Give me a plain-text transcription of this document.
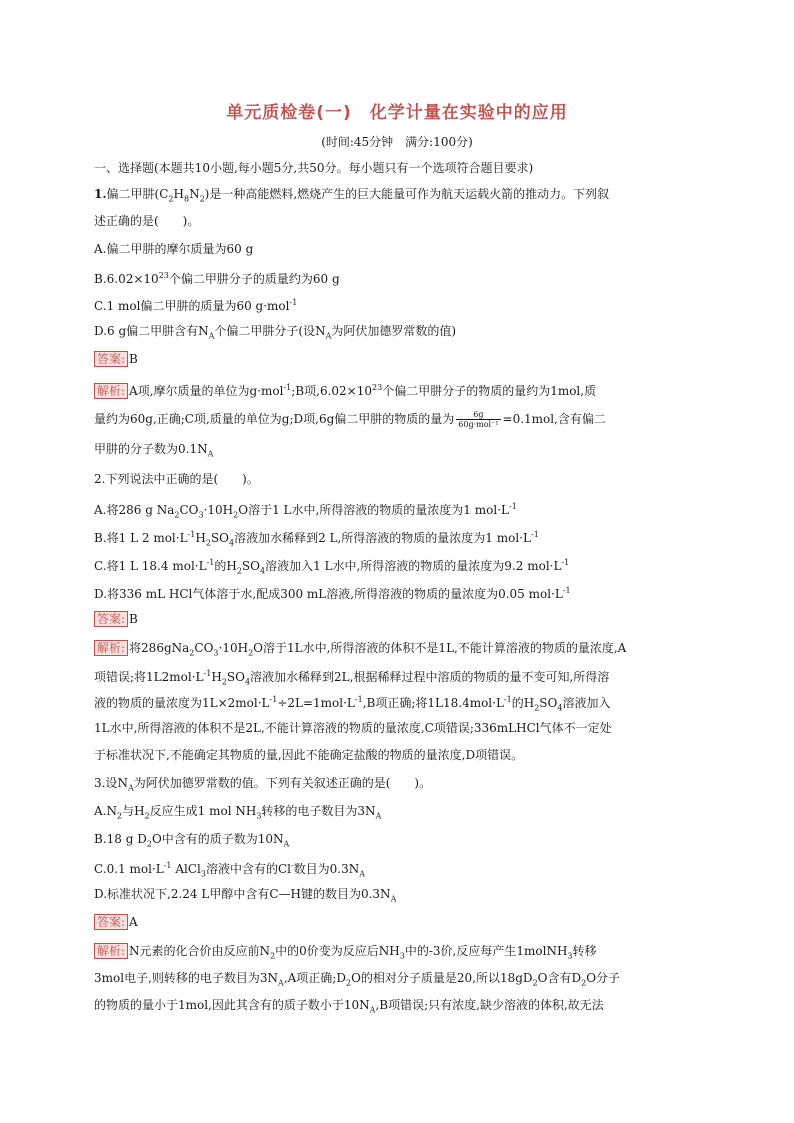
单元质检卷(一)　化学计量在实验中的应用
(时间:45分钟　满分:100分)
一、选择题(本题共10小题,每小题5分,共50分。每小题只有一个选项符合题目要求)
1.偏二甲肼$(C_2H_8N_2)$是一种高能燃料,燃烧产生的巨大能量可作为航天运载火箭的推动力。下列叙
述正确的是(　　)。
A.偏二甲肼的摩尔质量为60 g
$B.6.02\times 10^{23}$个偏二甲肼分子的质量约为60 g
C.1 mol偏二甲肼的质量为60 g·mol$^{-1}$
D.6 g偏二甲肼含有$N_A$个偏二甲肼分子(设$N_A$为阿伏加德罗常数的值)
答案: B
解析: A项,摩尔质量的单位为g·mol$^{-1}$;B项$,6.02\times 10^{23}$个偏二甲肼分子的物质的量约为1mol,质
量约为60g,正确;C项,质量的单位为g;D项,6g偏二甲肼的物质的量为 $\frac{6g}{\text{60g·mol⁻¹}} =0.1mol$,含有偏二
甲肼的分子数为$0.1N_A$
2.下列说法中正确的是(　　)。
A.将286 g $Na_2CO_3\cdot 10H_2O$溶于1 L水中,所得溶液的物质的量浓度为1 $mol\cdot L^{-1}$
B.将1 L 2 $mol\cdot L^{-1}H_2SO_4$溶液加水稀释到2 L,所得溶液的物质的量浓度为1 $mol\cdot L^{-1}$
C.将1 L 18.4 $mol\cdot L^{-1}$的$H_2SO_4$溶液加入1 L水中,所得溶液的物质的量浓度为9.2 $mol\cdot L^{-1}$
D.将336 mL HCl气体溶于水,配成300 mL溶液,所得溶液的物质的量浓度为0.05 $mol\cdot L^{-1}$
答案: B
解析: 将$286gNa_2CO_3\cdot 10H_2O$溶于1L水中,所得溶液的体积不是1L,不能计算溶液的物质的量浓度,A
项错误;将$1L2mol\cdot L^{-1}H_2SO_4$溶液加水稀释到2L,根据稀释过程中溶质的物质的量不变可知,所得溶
液的物质的量浓度为$1L\times 2mol\cdot L^{-1}\div 2L=1mol\cdot L^{-1},B$项正确;将$1L18.4mol\cdot L^{-1}$的$H_2SO_4$溶液加入
1L水中,所得溶液的体积不是2L,不能计算溶液的物质的量浓度,C项错误;336mLHCl气体不一定处
于标准状况下,不能确定其物质的量,因此不能确定盐酸的物质的量浓度,D项错误。
3.设$N_A$为阿伏加德罗常数的值。下列有关叙述正确的是(　　)。
$A.N_2$与$H_2$反应生成1 mol $NH_3$转移的电子数目为$3N_A$
B.18 g $D_2O$中含有的质子数为$10N_A$
C.0.1 $mol\cdot L^{-1}$ AlCl$_3$溶液中含有的Cl-数目为$0.3N_A$
D.标准状况下,2.24 L甲醇中含有C—H键的数目为$0.3N_A$
答案: A
解析: N元素的化合价由反应前$N_2$中的0价变为反应后$NH_3$中的-3价,反应每产生1molNH$_3$转移
3mol电子,则转移的电子数目为$3N_A,A$项正确$;D_2O$的相对分子质量是20,所以$18gD_2O$含有$D_2O$分子
的物质的量小于1mol,因此其含有的质子数小于$10N_A,B$项错误;只有浓度,缺少溶液的体积,故无法
